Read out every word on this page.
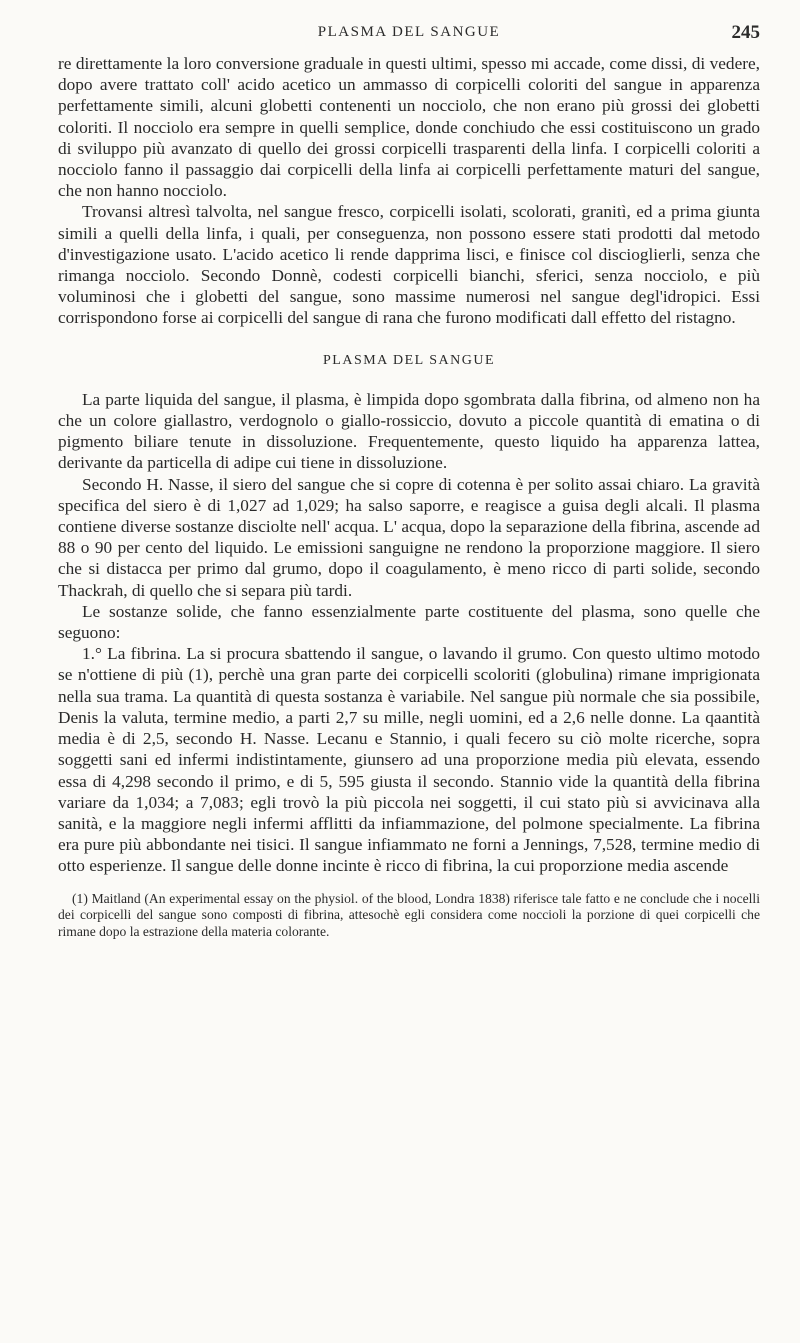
PLASMA DEL SANGUE	245

re direttamente la loro conversione graduale in questi ultimi, spesso mi accade, come dissi, di vedere, dopo avere trattato coll' acido acetico un ammasso di corpicelli coloriti del sangue in apparenza perfettamente simili, alcuni globetti contenenti un nocciolo, che non erano più grossi dei globetti coloriti. Il nocciolo era sempre in quelli semplice, donde conchiudo che essi costituiscono un grado di sviluppo più avanzato di quello dei grossi corpicelli trasparenti della linfa. I corpicelli coloriti a nocciolo fanno il passaggio dai corpicelli della linfa ai corpicelli perfettamente maturi del sangue, che non hanno nocciolo.

Trovansi altresì talvolta, nel sangue fresco, corpicelli isolati, scolorati, granitì, ed a prima giunta simili a quelli della linfa, i quali, per conseguenza, non possono essere stati prodotti dal metodo d'investigazione usato. L'acido acetico li rende dapprima lisci, e finisce col discioglierli, senza che rimanga nocciolo. Secondo Donnè, codesti corpicelli bianchi, sferici, senza nocciolo, e più voluminosi che i globetti del sangue, sono massime numerosi nel sangue degl'idropici. Essi corrispondono forse ai corpicelli del sangue di rana che furono modificati dall effetto del ristagno.

PLASMA DEL SANGUE

La parte liquida del sangue, il plasma, è limpida dopo sgombrata dalla fibrina, od almeno non ha che un colore giallastro, verdognolo o giallo-rossiccio, dovuto a piccole quantità di ematina o di pigmento biliare tenute in dissoluzione. Frequentemente, questo liquido ha apparenza lattea, derivante da particella di adipe cui tiene in dissoluzione.

Secondo H. Nasse, il siero del sangue che si copre di cotenna è per solito assai chiaro. La gravità specifica del siero è di 1,027 ad 1,029; ha salso saporre, e reagisce a guisa degli alcali. Il plasma contiene diverse sostanze disciolte nell' acqua. L' acqua, dopo la separazione della fibrina, ascende ad 88 o 90 per cento del liquido. Le emissioni sanguigne ne rendono la proporzione maggiore. Il siero che si distacca per primo dal grumo, dopo il coagulamento, è meno ricco di parti solide, secondo Thackrah, di quello che si separa più tardi.

Le sostanze solide, che fanno essenzialmente parte costituente del plasma, sono quelle che seguono:

1.° La fibrina. La si procura sbattendo il sangue, o lavando il grumo. Con questo ultimo motodo se n'ottiene di più (1), perchè una gran parte dei corpicelli scoloriti (globulina) rimane imprigionata nella sua trama. La quantità di questa sostanza è variabile. Nel sangue più normale che sia possibile, Denis la valuta, termine medio, a parti 2,7 su mille, negli uomini, ed a 2,6 nelle donne. La qaantità media è di 2,5, secondo H. Nasse. Lecanu e Stannio, i quali fecero su ciò molte ricerche, sopra soggetti sani ed infermi indistintamente, giunsero ad una proporzione media più elevata, essendo essa di 4,298 secondo il primo, e di 5, 595 giusta il secondo. Stannio vide la quantità della fibrina variare da 1,034; a 7,083; egli trovò la più piccola nei soggetti, il cui stato più si avvicinava alla sanità, e la maggiore negli infermi afflitti da infiammazione, del polmone specialmente. La fibrina era pure più abbondante nei tisici. Il sangue infiammato ne forni a Jennings, 7,528, termine medio di otto esperienze. Il sangue delle donne incinte è ricco di fibrina, la cui proporzione media ascende

(1) Maitland (An experimental essay on the physiol. of the blood, Londra 1838) riferisce tale fatto e ne conclude che i nocelli dei corpicelli del sangue sono composti di fibrina, attesochè egli considera come noccioli la porzione di quei corpicelli che rimane dopo la estrazione della materia colorante.
